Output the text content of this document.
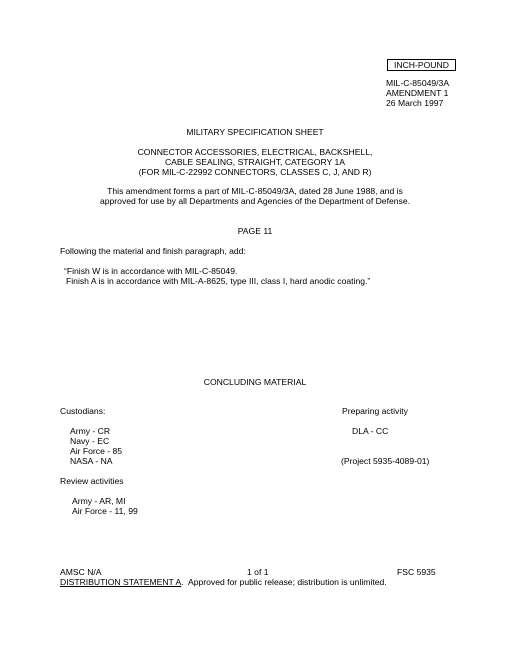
INCH-POUND
MIL-C-85049/3A
AMENDMENT 1
26 March 1997
MILITARY SPECIFICATION SHEET
CONNECTOR ACCESSORIES, ELECTRICAL, BACKSHELL,
CABLE SEALING, STRAIGHT, CATEGORY 1A
(FOR MIL-C-22992 CONNECTORS, CLASSES C, J, AND R)
This amendment forms a part of MIL-C-85049/3A, dated 28 June 1988, and is
approved for use by all Departments and Agencies of the Department of Defense.
PAGE 11
Following the material and finish paragraph, add:
“Finish W is in accordance with MIL-C-85049.
Finish A is in accordance with MIL-A-8625, type III, class I, hard anodic coating.”
CONCLUDING MATERIAL
Custodians:
Army - CR
Navy - EC
Air Force - 85
NASA - NA
Preparing activity
DLA - CC
(Project 5935-4089-01)
Review activities
Army - AR, MI
Air Force - 11, 99
AMSC N/A	1 of 1	FSC 5935
DISTRIBUTION STATEMENT A.  Approved for public release; distribution is unlimited.
